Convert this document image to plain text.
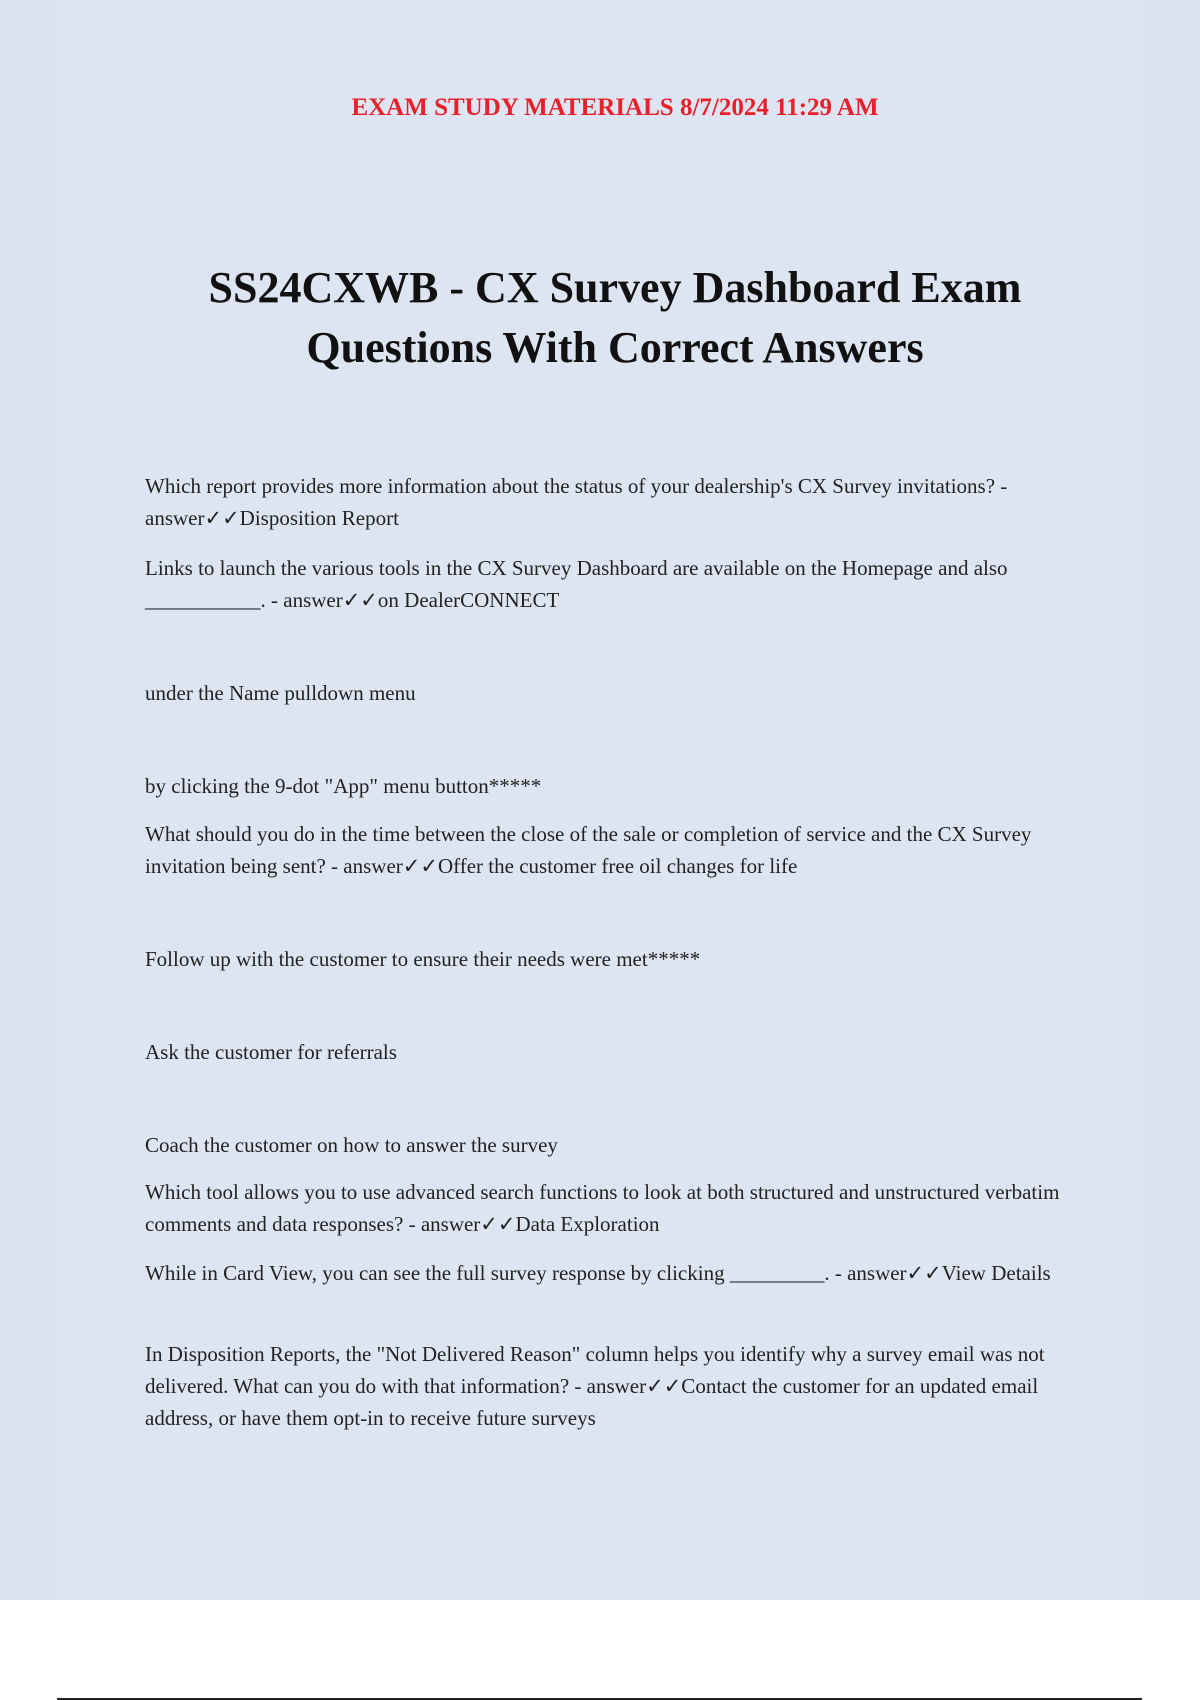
EXAM STUDY MATERIALS 8/7/2024 11:29 AM
SS24CXWB - CX Survey Dashboard Exam Questions With Correct Answers
Which report provides more information about the status of your dealership's CX Survey invitations? - answer✓✓Disposition Report
Links to launch the various tools in the CX Survey Dashboard are available on the Homepage and also ___________. - answer✓✓on DealerCONNECT
under the Name pulldown menu
by clicking the 9-dot "App" menu button*****
What should you do in the time between the close of the sale or completion of service and the CX Survey invitation being sent? - answer✓✓Offer the customer free oil changes for life
Follow up with the customer to ensure their needs were met*****
Ask the customer for referrals
Coach the customer on how to answer the survey
Which tool allows you to use advanced search functions to look at both structured and unstructured verbatim comments and data responses? - answer✓✓Data Exploration
While in Card View, you can see the full survey response by clicking _________. - answer✓✓View Details
In Disposition Reports, the "Not Delivered Reason" column helps you identify why a survey email was not delivered. What can you do with that information? - answer✓✓Contact the customer for an updated email address, or have them opt-in to receive future surveys
